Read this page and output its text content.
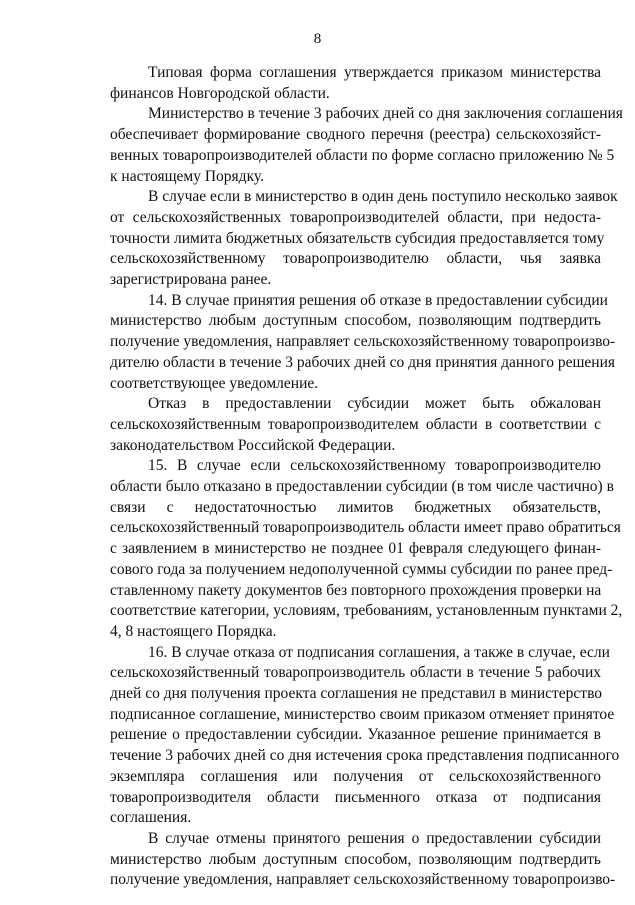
8
Типовая форма соглашения утверждается приказом министерства
финансов Новгородской области.
Министерство в течение 3 рабочих дней со дня заключения соглашения
обеспечивает формирование сводного перечня (реестра) сельскохозяйст-
венных товаропроизводителей области по форме согласно приложению № 5
к настоящему Порядку.
В случае если в министерство в один день поступило несколько заявок
от сельскохозяйственных товаропроизводителей области, при недоста-
точности лимита бюджетных обязательств субсидия предоставляется тому
сельскохозяйственному товаропроизводителю области, чья заявка
зарегистрирована ранее.
14. В случае принятия решения об отказе в предоставлении субсидии
министерство любым доступным способом, позволяющим подтвердить
получение уведомления, направляет сельскохозяйственному товаропроизво-
дителю области в течение 3 рабочих дней со дня принятия данного решения
соответствующее уведомление.
Отказ в предоставлении субсидии может быть обжалован
сельскохозяйственным товаропроизводителем области в соответствии с
законодательством Российской Федерации.
15. В случае если сельскохозяйственному товаропроизводителю
области было отказано в предоставлении субсидии (в том числе частично) в
связи с недостаточностью лимитов бюджетных обязательств,
сельскохозяйственный товаропроизводитель области имеет право обратиться
с заявлением в министерство не позднее 01 февраля следующего финан-
сового года за получением недополученной суммы субсидии по ранее пред-
ставленному пакету документов без повторного прохождения проверки на
соответствие категории, условиям, требованиям, установленным пунктами 2,
4, 8 настоящего Порядка.
16. В случае отказа от подписания соглашения, а также в случае, если
сельскохозяйственный товаропроизводитель области в течение 5 рабочих
дней со дня получения проекта соглашения не представил в министерство
подписанное соглашение, министерство своим приказом отменяет принятое
решение о предоставлении субсидии. Указанное решение принимается в
течение 3 рабочих дней со дня истечения срока представления подписанного
экземпляра соглашения или получения от сельскохозяйственного
товаропроизводителя области письменного отказа от подписания
соглашения.
В случае отмены принятого решения о предоставлении субсидии
министерство любым доступным способом, позволяющим подтвердить
получение уведомления, направляет сельскохозяйственному товаропроизво-
